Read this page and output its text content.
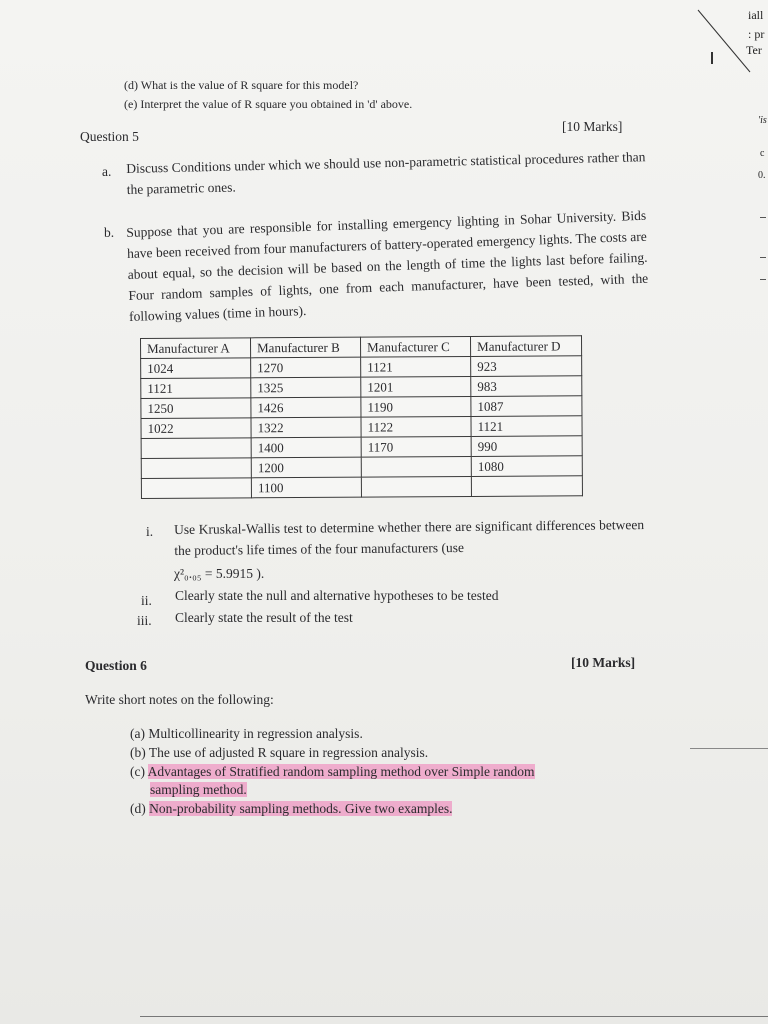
iall
: pr
Ter
'is
c
0.
(d) What is the value of R square for this model?
(e) Interpret the value of R square you obtained in 'd' above.
Question 5
[10 Marks]
a. Discuss Conditions under which we should use non-parametric statistical procedures rather than the parametric ones.
b. Suppose that you are responsible for installing emergency lighting in Sohar University. Bids have been received from four manufacturers of battery-operated emergency lights. The costs are about equal, so the decision will be based on the length of time the lights last before failing. Four random samples of lights, one from each manufacturer, have been tested, with the following values (time in hours).
Manufacturer A	Manufacturer B	Manufacturer C	Manufacturer D
1024	1270	1121	923
1121	1325	1201	983
1250	1426	1190	1087
1022	1322	1122	1121
	1400	1170	990
	1200		1080
	1100		
i. Use Kruskal-Wallis test to determine whether there are significant differences between the product's life times of the four manufacturers (use
χ²₀.₀₅ = 5.9915 ).
ii. Clearly state the null and alternative hypotheses to be tested
iii. Clearly state the result of the test
Question 6	[10 Marks]
Write short notes on the following:
(a) Multicollinearity in regression analysis.
(b) The use of adjusted R square in regression analysis.
(c) Advantages of Stratified random sampling method over Simple random
sampling method.
(d) Non-probability sampling methods. Give two examples.
